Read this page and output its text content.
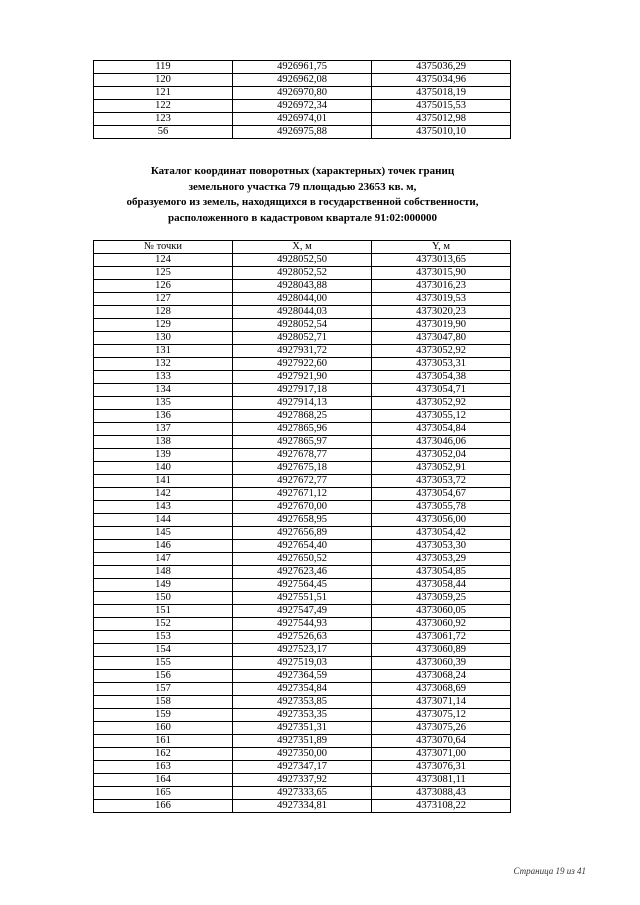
119	4926961,75	4375036,29
120	4926962,08	4375034,96
121	4926970,80	4375018,19
122	4926972,34	4375015,53
123	4926974,01	4375012,98
56	4926975,88	4375010,10
Каталог координат поворотных (характерных) точек границ
земельного участка 79 площадью 23653 кв. м,
образуемого из земель, находящихся в государственной собственности,
расположенного в кадастровом квартале 91:02:000000
№ точки	X, м	Y, м
124	4928052,50	4373013,65
125	4928052,52	4373015,90
126	4928043,88	4373016,23
127	4928044,00	4373019,53
128	4928044,03	4373020,23
129	4928052,54	4373019,90
130	4928052,71	4373047,80
131	4927931,72	4373052,92
132	4927922,60	4373053,31
133	4927921,90	4373054,38
134	4927917,18	4373054,71
135	4927914,13	4373052,92
136	4927868,25	4373055,12
137	4927865,96	4373054,84
138	4927865,97	4373046,06
139	4927678,77	4373052,04
140	4927675,18	4373052,91
141	4927672,77	4373053,72
142	4927671,12	4373054,67
143	4927670,00	4373055,78
144	4927658,95	4373056,00
145	4927656,89	4373054,42
146	4927654,40	4373053,30
147	4927650,52	4373053,29
148	4927623,46	4373054,85
149	4927564,45	4373058,44
150	4927551,51	4373059,25
151	4927547,49	4373060,05
152	4927544,93	4373060,92
153	4927526,63	4373061,72
154	4927523,17	4373060,89
155	4927519,03	4373060,39
156	4927364,59	4373068,24
157	4927354,84	4373068,69
158	4927353,85	4373071,14
159	4927353,35	4373075,12
160	4927351,31	4373075,26
161	4927351,89	4373070,64
162	4927350,00	4373071,00
163	4927347,17	4373076,31
164	4927337,92	4373081,11
165	4927333,65	4373088,43
166	4927334,81	4373108,22
Страница 19 из 41
